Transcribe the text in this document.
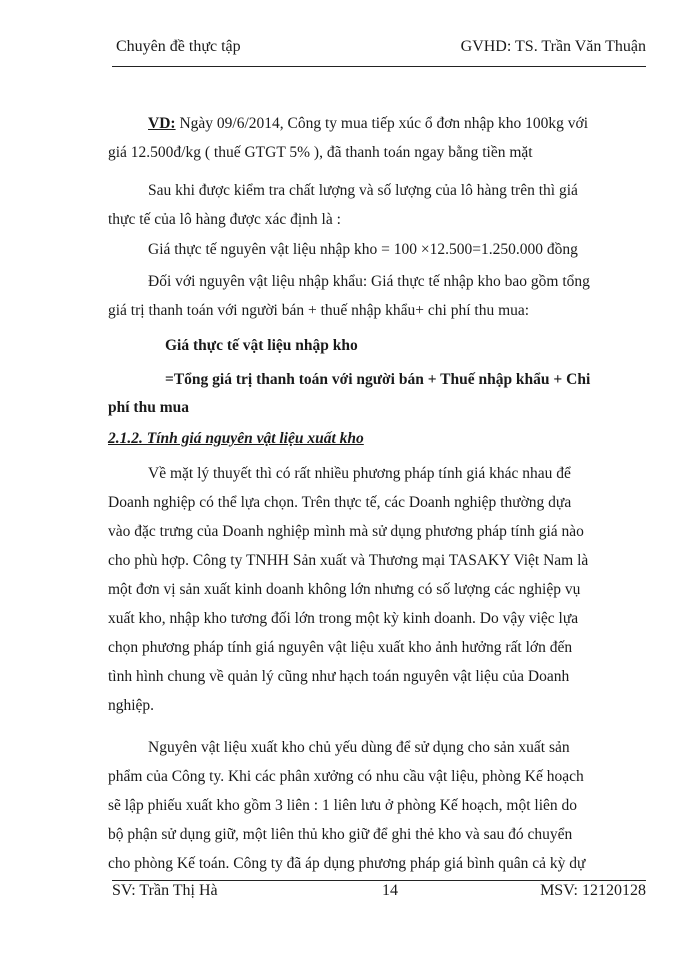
Chuyên đề thực tập	GVHD: TS. Trần Văn Thuận
VD: Ngày 09/6/2014, Công ty mua tiếp xúc ổ đơn nhập kho 100kg với
giá 12.500đ/kg ( thuế GTGT 5% ), đã thanh toán ngay bằng tiền mặt
Sau khi được kiểm tra chất lượng và số lượng của lô hàng trên thì giá
thực tế của lô hàng được xác định là :
Giá thực tế nguyên vật liệu nhập kho = 100 ×12.500=1.250.000 đồng
Đối với nguyên vật liệu nhập khẩu: Giá thực tế nhập kho bao gồm tổng
giá trị thanh toán với người bán + thuế nhập khẩu+ chi phí thu mua:
Giá thực tế vật liệu nhập kho
=Tổng giá trị thanh toán với người bán + Thuế nhập khẩu + Chi
phí thu mua
2.1.2. Tính giá nguyên vật liệu xuất kho
Về mặt lý thuyết thì có rất nhiều phương pháp tính giá khác nhau để
Doanh nghiệp có thể lựa chọn. Trên thực tế, các Doanh nghiệp thường dựa
vào đặc trưng của Doanh nghiệp mình mà sử dụng phương pháp tính giá nào
cho phù hợp. Công ty TNHH Sản xuất và Thương mại TASAKY Việt Nam là
một đơn vị sản xuất kinh doanh không lớn nhưng có số lượng các nghiệp vụ
xuất kho, nhập kho tương đối lớn trong một kỳ kinh doanh. Do vậy việc lựa
chọn phương pháp tính giá nguyên vật liệu xuất kho ảnh hưởng rất lớn đến
tình hình chung về quản lý cũng như hạch toán nguyên vật liệu của Doanh
nghiệp.
Nguyên vật liệu xuất kho chủ yếu dùng để sử dụng cho sản xuất sản
phẩm của Công ty. Khi các phân xưởng có nhu cầu vật liệu, phòng Kế hoạch
sẽ lập phiếu xuất kho gồm 3 liên : 1 liên lưu ở phòng Kế hoạch, một liên do
bộ phận sử dụng giữ, một liên thủ kho giữ để ghi thẻ kho và sau đó chuyển
cho phòng Kế toán. Công ty đã áp dụng phương pháp giá bình quân cả kỳ dự
SV: Trần Thị Hà	14	MSV: 12120128
